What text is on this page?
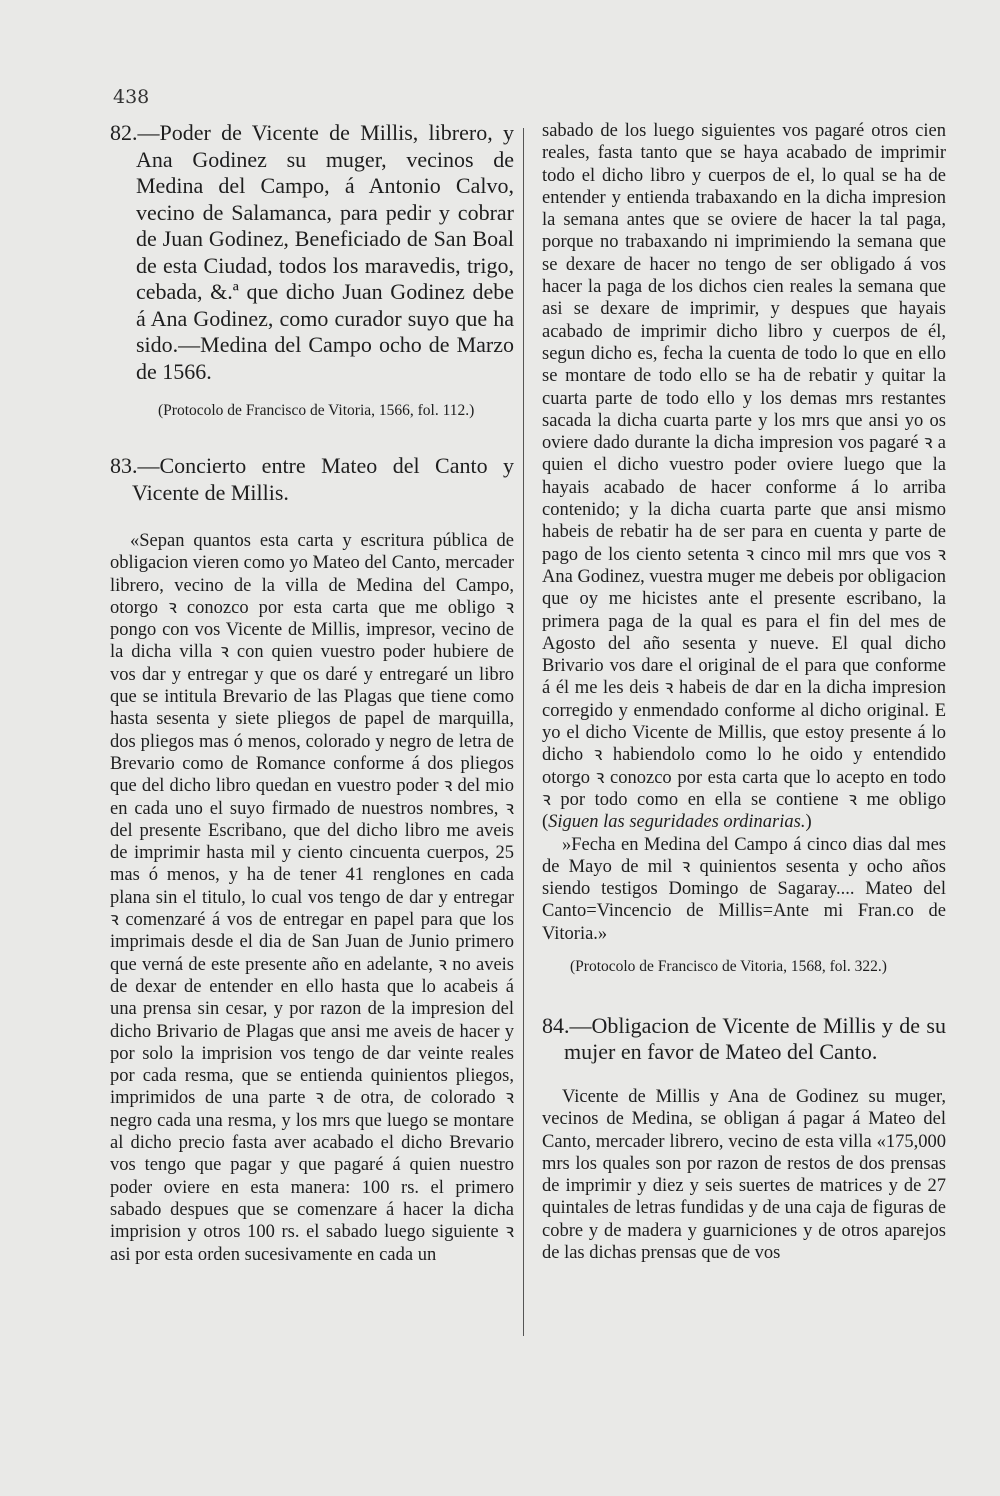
438

82.—Poder de Vicente de Millis, librero, y Ana Godinez su muger, vecinos de Medina del Campo, á Antonio Calvo, vecino de Salamanca, para pedir y cobrar de Juan Godinez, Beneficiado de San Boal de esta Ciudad, todos los maravedis, trigo, cebada, &.ª que dicho Juan Godinez debe á Ana Godinez, como curador suyo que ha sido.—Medina del Campo ocho de Marzo de 1566.

(Protocolo de Francisco de Vitoria, 1566, fol. 112.)

83.—Concierto entre Mateo del Canto y Vicente de Millis.

«Sepan quantos esta carta y escritura pública de obligacion vieren como yo Mateo del Canto, mercader librero, vecino de la villa de Medina del Campo, otorgo ꝛ conozco por esta carta que me obligo ꝛ pongo con vos Vicente de Millis, impresor, vecino de la dicha villa ꝛ con quien vuestro poder hubiere de vos dar y entregar y que os daré y entregaré un libro que se intitula Brevario de las Plagas que tiene como hasta sesenta y siete pliegos de papel de marquilla, dos pliegos mas ó menos, colorado y negro de letra de Brevario como de Romance conforme á dos pliegos que del dicho libro quedan en vuestro poder ꝛ del mio en cada uno el suyo firmado de nuestros nombres, ꝛ del presente Escribano, que del dicho libro me aveis de imprimir hasta mil y ciento cincuenta cuerpos, 25 mas ó menos, y ha de tener 41 renglones en cada plana sin el titulo, lo cual vos tengo de dar y entregar ꝛ comenzaré á vos de entregar en papel para que los imprimais desde el dia de San Juan de Junio primero que verná de este presente año en adelante, ꝛ no aveis de dexar de entender en ello hasta que lo acabeis á una prensa sin cesar, y por razon de la impresion del dicho Brivario de Plagas que ansi me aveis de hacer y por solo la imprision vos tengo de dar veinte reales por cada resma, que se entienda quinientos pliegos, imprimidos de una parte ꝛ de otra, de colorado ꝛ negro cada una resma, y los mrs que luego se montare al dicho precio fasta aver acabado el dicho Brevario vos tengo que pagar y que pagaré á quien nuestro poder oviere en esta manera: 100 rs. el primero sabado despues que se comenzare á hacer la dicha imprision y otros 100 rs. el sabado luego siguiente ꝛ asi por esta orden sucesivamente en cada un

sabado de los luego siguientes vos pagaré otros cien reales, fasta tanto que se haya acabado de imprimir todo el dicho libro y cuerpos de el, lo qual se ha de entender y entienda trabaxando en la dicha impresion la semana antes que se oviere de hacer la tal paga, porque no trabaxando ni imprimiendo la semana que se dexare de hacer no tengo de ser obligado á vos hacer la paga de los dichos cien reales la semana que asi se dexare de imprimir, y despues que hayais acabado de imprimir dicho libro y cuerpos de él, segun dicho es, fecha la cuenta de todo lo que en ello se montare de todo ello se ha de rebatir y quitar la cuarta parte de todo ello y los demas mrs restantes sacada la dicha cuarta parte y los mrs que ansi yo os oviere dado durante la dicha impresion vos pagaré ꝛ a quien el dicho vuestro poder oviere luego que la hayais acabado de hacer conforme á lo arriba contenido; y la dicha cuarta parte que ansi mismo habeis de rebatir ha de ser para en cuenta y parte de pago de los ciento setenta ꝛ cinco mil mrs que vos ꝛ Ana Godinez, vuestra muger me debeis por obligacion que oy me hicistes ante el presente escribano, la primera paga de la qual es para el fin del mes de Agosto del año sesenta y nueve. El qual dicho Brivario vos dare el original de el para que conforme á él me les deis ꝛ habeis de dar en la dicha impresion corregido y enmendado conforme al dicho original. E yo el dicho Vicente de Millis, que estoy presente á lo dicho ꝛ habiendolo como lo he oido y entendido otorgo ꝛ conozco por esta carta que lo acepto en todo ꝛ por todo como en ella se contiene ꝛ me obligo (Siguen las seguridades ordinarias.)

»Fecha en Medina del Campo á cinco dias dal mes de Mayo de mil ꝛ quinientos sesenta y ocho años siendo testigos Domingo de Sagaray.... Mateo del Canto=Vincencio de Millis=Ante mi Fran.co de Vitoria.»

(Protocolo de Francisco de Vitoria, 1568, fol. 322.)

84.—Obligacion de Vicente de Millis y de su mujer en favor de Mateo del Canto.

Vicente de Millis y Ana de Godinez su muger, vecinos de Medina, se obligan á pagar á Mateo del Canto, mercader librero, vecino de esta villa «175,000 mrs los quales son por razon de restos de dos prensas de imprimir y diez y seis suertes de matrices y de 27 quintales de letras fundidas y de una caja de figuras de cobre y de madera y guarniciones y de otros aparejos de las dichas prensas que de vos
